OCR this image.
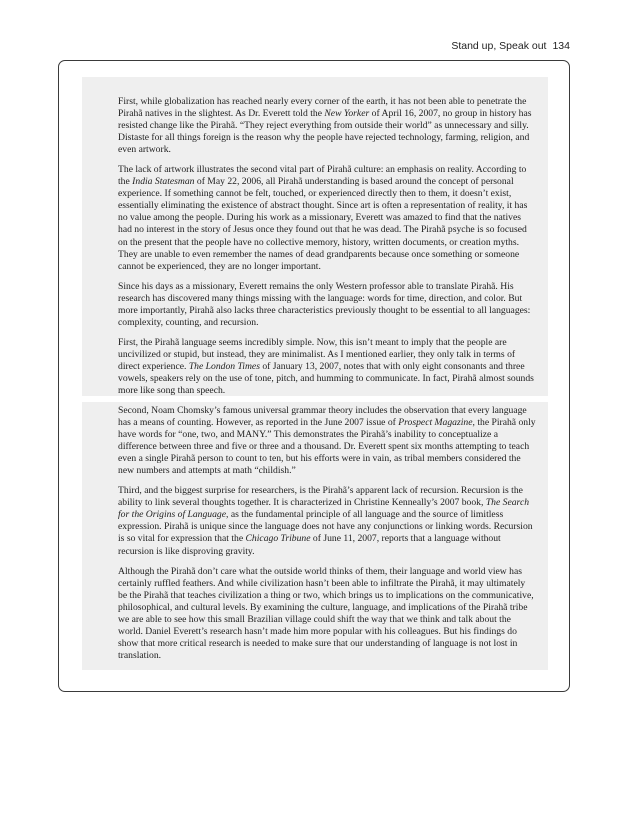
Stand up, Speak out 134

First, while globalization has reached nearly every corner of the earth, it has not been able to penetrate the Pirahã natives in the slightest. As Dr. Everett told the New Yorker of April 16, 2007, no group in history has resisted change like the Pirahã. “They reject everything from outside their world” as unnecessary and silly. Distaste for all things foreign is the reason why the people have rejected technology, farming, religion, and even artwork.

The lack of artwork illustrates the second vital part of Pirahã culture: an emphasis on reality. According to the India Statesman of May 22, 2006, all Pirahã understanding is based around the concept of personal experience. If something cannot be felt, touched, or experienced directly then to them, it doesn’t exist, essentially eliminating the existence of abstract thought. Since art is often a representation of reality, it has no value among the people. During his work as a missionary, Everett was amazed to find that the natives had no interest in the story of Jesus once they found out that he was dead. The Pirahã psyche is so focused on the present that the people have no collective memory, history, written documents, or creation myths. They are unable to even remember the names of dead grandparents because once something or someone cannot be experienced, they are no longer important.

Since his days as a missionary, Everett remains the only Western professor able to translate Pirahã. His research has discovered many things missing with the language: words for time, direction, and color. But more importantly, Pirahã also lacks three characteristics previously thought to be essential to all languages: complexity, counting, and recursion.

First, the Pirahã language seems incredibly simple. Now, this isn’t meant to imply that the people are uncivilized or stupid, but instead, they are minimalist. As I mentioned earlier, they only talk in terms of direct experience. The London Times of January 13, 2007, notes that with only eight consonants and three vowels, speakers rely on the use of tone, pitch, and humming to communicate. In fact, Pirahã almost sounds more like song than speech.

Second, Noam Chomsky’s famous universal grammar theory includes the observation that every language has a means of counting. However, as reported in the June 2007 issue of Prospect Magazine, the Pirahã only have words for “one, two, and MANY.” This demonstrates the Pirahã’s inability to conceptualize a difference between three and five or three and a thousand. Dr. Everett spent six months attempting to teach even a single Pirahã person to count to ten, but his efforts were in vain, as tribal members considered the new numbers and attempts at math “childish.”

Third, and the biggest surprise for researchers, is the Pirahã’s apparent lack of recursion. Recursion is the ability to link several thoughts together. It is characterized in Christine Kenneally’s 2007 book, The Search for the Origins of Language, as the fundamental principle of all language and the source of limitless expression. Pirahã is unique since the language does not have any conjunctions or linking words. Recursion is so vital for expression that the Chicago Tribune of June 11, 2007, reports that a language without recursion is like disproving gravity.

Although the Pirahã don’t care what the outside world thinks of them, their language and world view has certainly ruffled feathers. And while civilization hasn’t been able to infiltrate the Pirahã, it may ultimately be the Pirahã that teaches civilization a thing or two, which brings us to implications on the communicative, philosophical, and cultural levels. By examining the culture, language, and implications of the Pirahã tribe we are able to see how this small Brazilian village could shift the way that we think and talk about the world. Daniel Everett’s research hasn’t made him more popular with his colleagues. But his findings do show that more critical research is needed to make sure that our understanding of language is not lost in translation.
